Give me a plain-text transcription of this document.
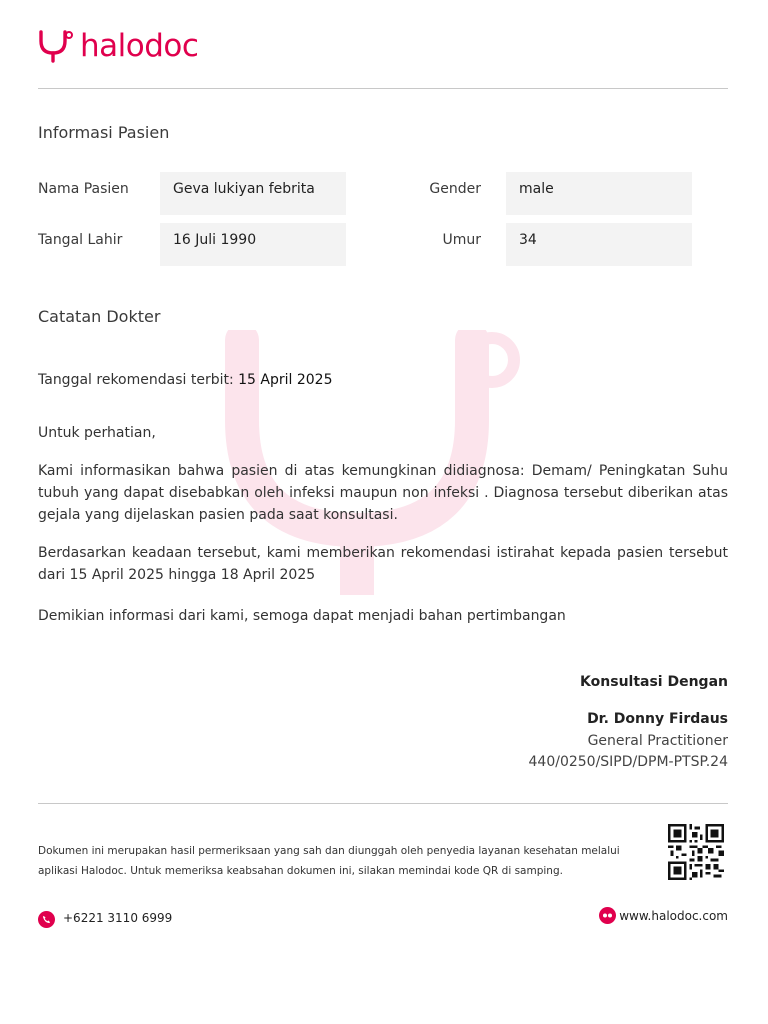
halodoc
Informasi Pasien
Nama Pasien	Geva lukiyan febrita	Gender	male
Tangal Lahir	16 Juli 1990	Umur	34
Catatan Dokter
Tanggal rekomendasi terbit: 15 April 2025
Untuk perhatian,
Kami informasikan bahwa pasien di atas kemungkinan didiagnosa: Demam/ Peningkatan Suhu tubuh yang dapat disebabkan oleh infeksi maupun non infeksi . Diagnosa tersebut diberikan atas gejala yang dijelaskan pasien pada saat konsultasi.
Berdasarkan keadaan tersebut, kami memberikan rekomendasi istirahat kepada pasien tersebut dari 15 April 2025 hingga 18 April 2025
Demikian informasi dari kami, semoga dapat menjadi bahan pertimbangan
Konsultasi Dengan
Dr. Donny Firdaus
General Practitioner
440/0250/SIPD/DPM-PTSP.24
Dokumen ini merupakan hasil permeriksaan yang sah dan diunggah oleh penyedia layanan kesehatan melalui
aplikasi Halodoc. Untuk memeriksa keabsahan dokumen ini, silakan memindai kode QR di samping.
+6221 3110 6999	www.halodoc.com
